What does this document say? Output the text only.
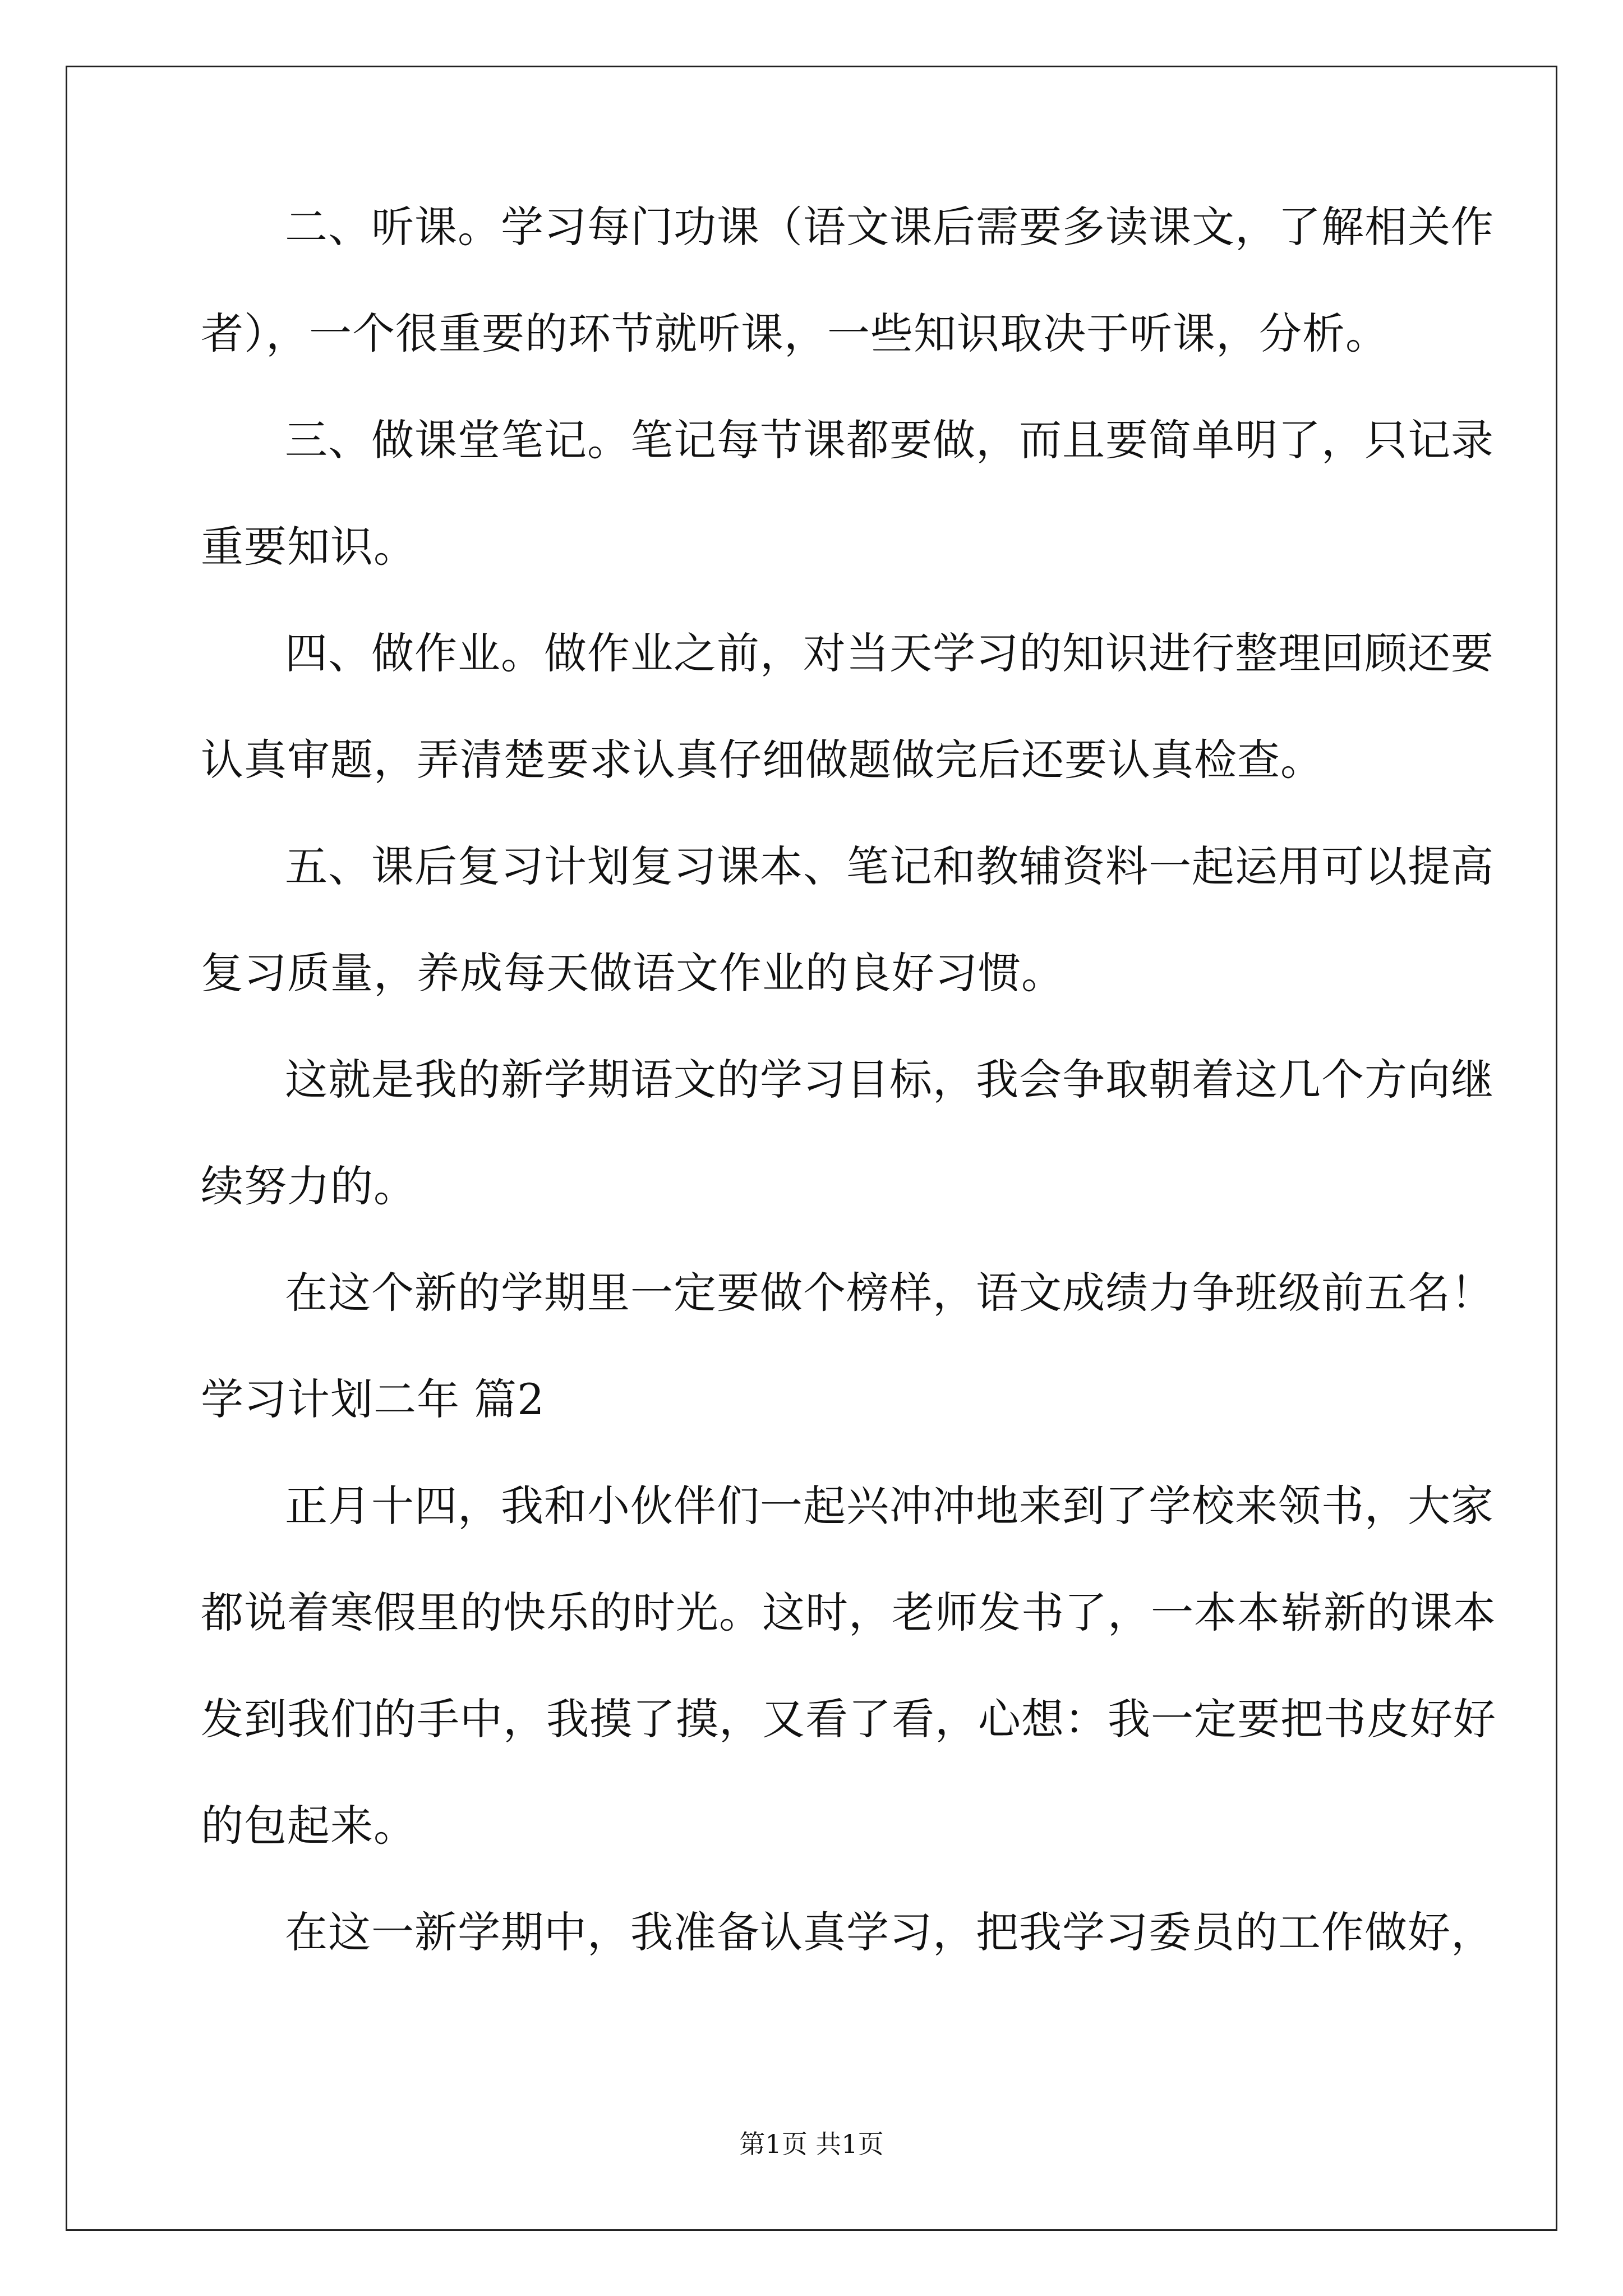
二、听课。学习每门功课（语文课后需要多读课文，了解相关作
者），一个很重要的环节就听课，一些知识取决于听课，分析。
三、做课堂笔记。笔记每节课都要做，而且要简单明了，只记录
重要知识。
四、做作业。做作业之前，对当天学习的知识进行整理回顾还要
认真审题，弄清楚要求认真仔细做题做完后还要认真检查。
五、课后复习计划复习课本、笔记和教辅资料一起运用可以提高
复习质量，养成每天做语文作业的良好习惯。
这就是我的新学期语文的学习目标，我会争取朝着这几个方向继
续努力的。
在这个新的学期里一定要做个榜样，语文成绩力争班级前五名！
学习计划二年 篇2
正月十四，我和小伙伴们一起兴冲冲地来到了学校来领书，大家
都说着寒假里的快乐的时光。这时，老师发书了，一本本崭新的课本
发到我们的手中，我摸了摸，又看了看，心想：我一定要把书皮好好
的包起来。
在这一新学期中，我准备认真学习，把我学习委员的工作做好，
第1页 共1页
